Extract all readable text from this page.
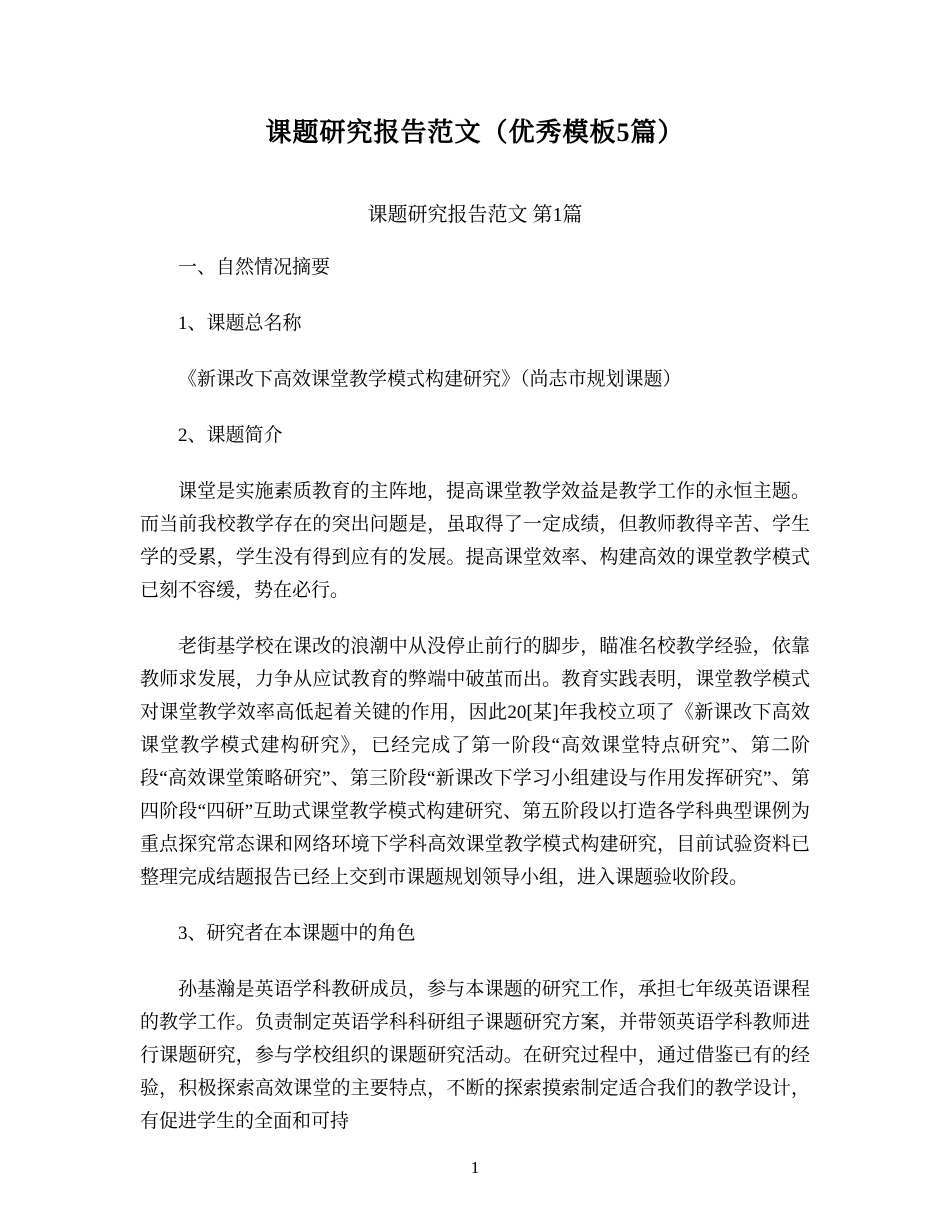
课题研究报告范文（优秀模板5篇）
课题研究报告范文 第1篇

一、自然情况摘要

1、课题总名称

《新课改下高效课堂教学模式构建研究》（尚志市规划课题）

2、课题简介

课堂是实施素质教育的主阵地，提高课堂教学效益是教学工作的永恒主题。而当前我校教学存在的突出问题是，虽取得了一定成绩，但教师教得辛苦、学生学的受累，学生没有得到应有的发展。提高课堂效率、构建高效的课堂教学模式已刻不容缓，势在必行。

老街基学校在课改的浪潮中从没停止前行的脚步，瞄准名校教学经验，依靠教师求发展，力争从应试教育的弊端中破茧而出。教育实践表明，课堂教学模式对课堂教学效率高低起着关键的作用，因此20[某]年我校立项了《新课改下高效课堂教学模式建构研究》，已经完成了第一阶段“高效课堂特点研究”、第二阶段“高效课堂策略研究”、第三阶段“新课改下学习小组建设与作用发挥研究”、第四阶段“四研”互助式课堂教学模式构建研究、第五阶段以打造各学科典型课例为重点探究常态课和网络环境下学科高效课堂教学模式构建研究，目前试验资料已整理完成结题报告已经上交到市课题规划领导小组，进入课题验收阶段。

3、研究者在本课题中的角色

孙基瀚是英语学科教研成员，参与本课题的研究工作，承担七年级英语课程的教学工作。负责制定英语学科科研组子课题研究方案，并带领英语学科教师进行课题研究，参与学校组织的课题研究活动。在研究过程中，通过借鉴已有的经验，积极探索高效课堂的主要特点，不断的探索摸索制定适合我们的教学设计，有促进学生的全面和可持

1
